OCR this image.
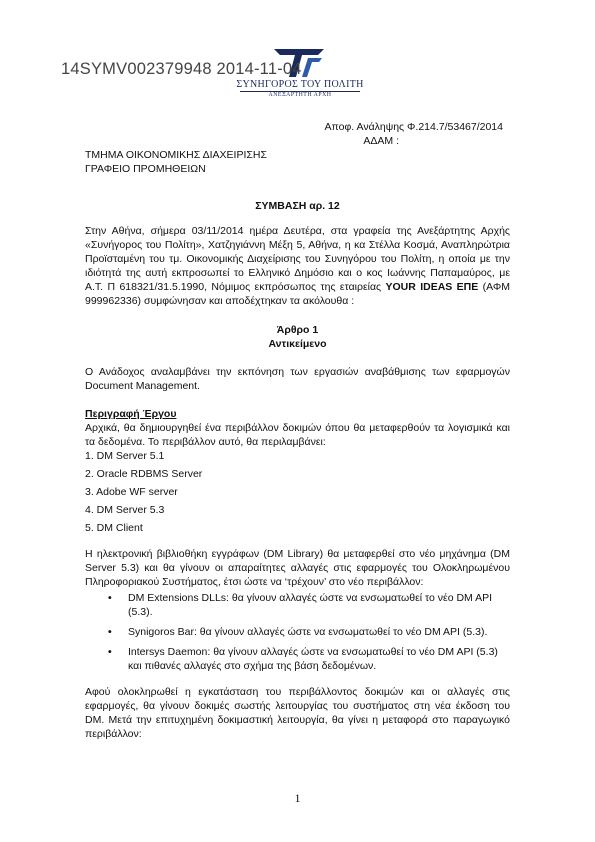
14SYMV002379948 2014-11-04
ΣΥΝΗΓΟΡΟΣ ΤΟΥ ΠΟΛΙΤΗ
ΑΝΕΞΑΡΤΗΤΗ ΑΡΧΗ
Αποφ. Ανάληψης Φ.214.7/53467/2014
ΑΔΑΜ :
ΤΜΗΜΑ ΟΙΚΟΝΟΜΙΚΗΣ ΔΙΑΧΕΙΡΙΣΗΣ
ΓΡΑΦΕΙΟ ΠΡΟΜΗΘΕΙΩΝ
ΣΥΜΒΑΣΗ αρ. 12

Στην Αθήνα, σήμερα 03/11/2014 ημέρα Δευτέρα, στα γραφεία της Ανεξάρτητης Αρχής «Συνήγορος του Πολίτη», Χατζηγιάννη Μέξη 5, Αθήνα, η κα Στέλλα Κοσμά, Αναπληρώτρια Προϊσταμένη του τμ. Οικονομικής Διαχείρισης του Συνηγόρου του Πολίτη, η οποία με την ιδιότητά της αυτή εκπροσωπεί το Ελληνικό Δημόσιο και ο κος Ιωάννης Παπαμαύρος, με Α.Τ. Π 618321/31.5.1990, Νόμιμος εκπρόσωπος της εταιρείας YOUR IDEAS ΕΠΕ (ΑΦΜ 999962336) συμφώνησαν και αποδέχτηκαν τα ακόλουθα :

Άρθρο 1

Αντικείμενο

Ο Ανάδοχος αναλαμβάνει την εκπόνηση των εργασιών αναβάθμισης των εφαρμογών Document Management.

Περιγραφή Έργου

Αρχικά, θα δημιουργηθεί ένα περιβάλλον δοκιμών όπου θα μεταφερθούν τα λογισμικά και τα δεδομένα. Το περιβάλλον αυτό, θα περιλαμβάνει:

1. DM Server 5.1
2. Oracle RDBMS Server
3. Adobe WF server
4. DM Server 5.3
5. DM Client

Η ηλεκτρονική βιβλιοθήκη εγγράφων (DM Library) θα μεταφερθεί στο νέο μηχάνημα (DM Server 5.3) και θα γίνουν οι απαραίτητες αλλαγές στις εφαρμογές του Ολοκληρωμένου Πληροφοριακού Συστήματος, έτσι ώστε να ‘τρέχουν’ στο νέο περιβάλλον:

• DM Extensions DLLs: θα γίνουν αλλαγές ώστε να ενσωματωθεί το νέο DM API (5.3).
• Synigoros Bar: θα γίνουν αλλαγές ώστε να ενσωματωθεί το νέο DM API (5.3).
• Intersys Daemon: θα γίνουν αλλαγές ώστε να ενσωματωθεί το νέο DM API (5.3) και πιθανές αλλαγές στο σχήμα της βάση δεδομένων.

Αφού ολοκληρωθεί η εγκατάσταση του περιβάλλοντος δοκιμών και οι αλλαγές στις εφαρμογές, θα γίνουν δοκιμές σωστής λειτουργίας του συστήματος στη νέα έκδοση του DM. Μετά την επιτυχημένη δοκιμαστική λειτουργία, θα γίνει η μεταφορά στο παραγωγικό περιβάλλον:

1
